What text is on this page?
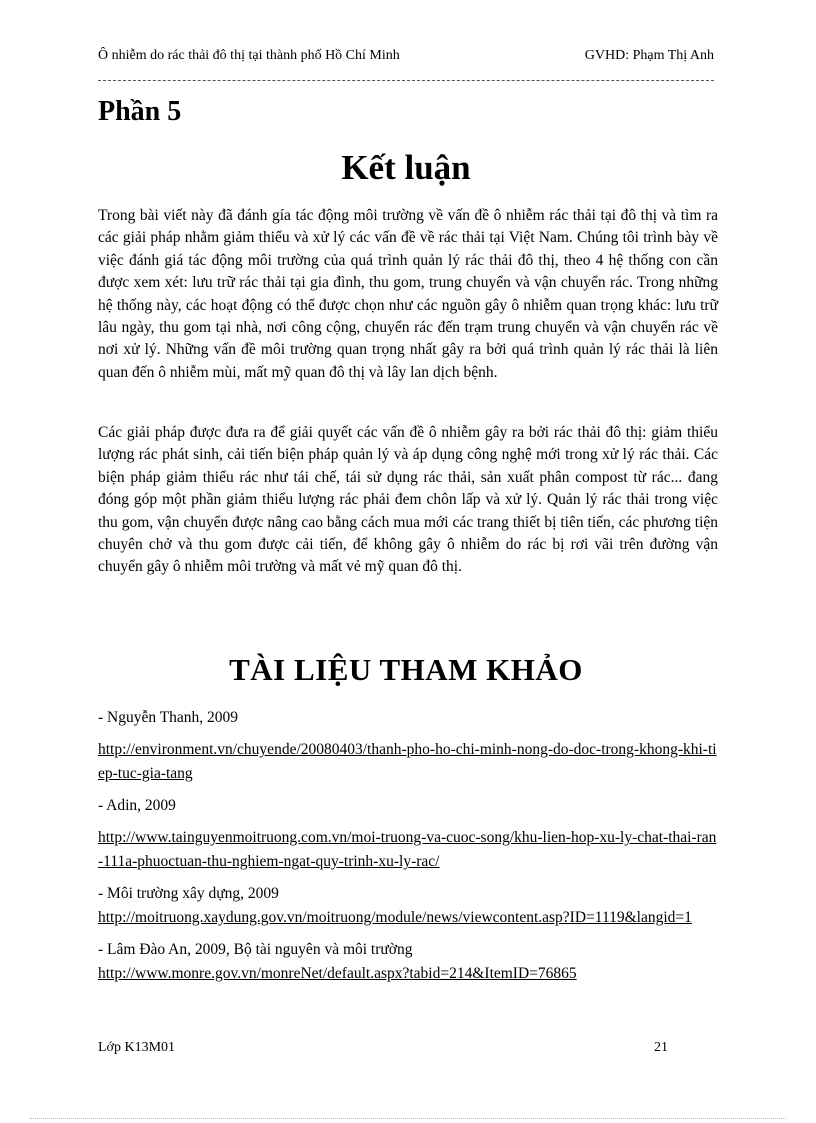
Ô nhiễm do rác thải đô thị tại thành phố Hồ Chí Minh	GVHD: Phạm Thị Anh
Phần 5
Kết luận

Trong bài viết này đã đánh gía tác động môi trường về vấn đề ô nhiễm rác thải tại đô thị và tìm ra các giải pháp nhằm giảm thiểu và xử lý các vấn đề về rác thải tại Việt Nam. Chúng tôi trình bày về việc đánh giá tác động môi trường của quá trình quản lý rác thải đô thị, theo 4 hệ thống con cần được xem xét: lưu trữ rác thải tại gia đình, thu gom, trung chuyển và vận chuyển rác. Trong những hệ thống này, các hoạt động có thể được chọn như các nguồn gây ô nhiễm quan trọng khác: lưu trữ lâu ngày, thu gom tại nhà, nơi công cộng, chuyển rác đến trạm trung chuyển và vận chuyển rác về nơi xử lý. Những vấn đề môi trường quan trọng nhất gây ra bởi quá trình quản lý rác thải là liên quan đến ô nhiễm mùi, mất mỹ quan đô thị và lây lan dịch bệnh.

Các giải pháp được đưa ra để giải quyết các vấn đề ô nhiễm gây ra bởi rác thải đô thị: giảm thiểu lượng rác phát sinh, cải tiến biện pháp quản lý và áp dụng công nghệ mới trong xử lý rác thải. Các biện pháp giảm thiểu rác như tái chế, tái sử dụng rác thải, sản xuất phân compost từ rác... đang đóng góp một phần giảm thiểu lượng rác phải đem chôn lấp và xử lý. Quản lý rác thải trong việc thu gom, vận chuyển được nâng cao bằng cách mua mới các trang thiết bị tiên tiến, các phương tiện chuyên chở và thu gom được cải tiến, để không gây ô nhiễm do rác bị rơi vãi trên đường vận chuyển gây ô nhiễm môi trường và mất vẻ mỹ quan đô thị.

TÀI LIỆU THAM KHẢO
- Nguyễn Thanh, 2009
http://environment.vn/chuyende/20080403/thanh-pho-ho-chi-minh-nong-do-doc-trong-khong-khi-tiep-tuc-gia-tang
- Adin, 2009
http://www.tainguyenmoitruong.com.vn/moi-truong-va-cuoc-song/khu-lien-hop-xu-ly-chat-thai-ran-111a-phuoctuan-thu-nghiem-ngat-quy-trinh-xu-ly-rac/
- Môi trường xây dựng, 2009
http://moitruong.xaydung.gov.vn/moitruong/module/news/viewcontent.asp?ID=1119&langid=1
- Lâm Đào An, 2009, Bộ tài nguyên và môi trường
http://www.monre.gov.vn/monreNet/default.aspx?tabid=214&ItemID=76865
Lớp K13M01	21
